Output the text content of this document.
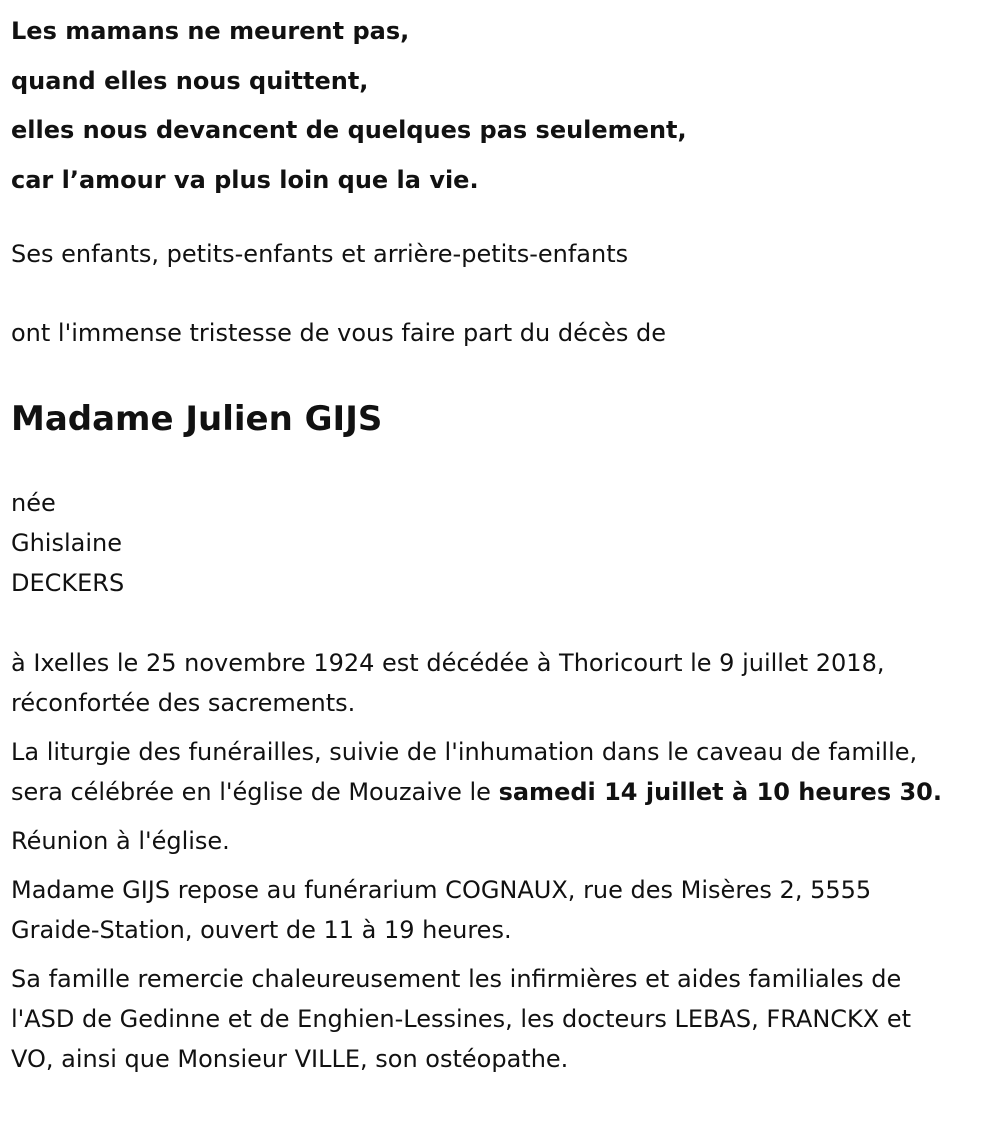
Les mamans ne meurent pas,
quand elles nous quittent,
elles nous devancent de quelques pas seulement,
car l’amour va plus loin que la vie.

Ses enfants, petits-enfants et arrière-petits-enfants

ont l'immense tristesse de vous faire part du décès de

Madame Julien GIJS
née
Ghislaine
DECKERS

à Ixelles le 25 novembre 1924 est décédée à Thoricourt le 9 juillet 2018, réconfortée des sacrements.

La liturgie des funérailles, suivie de l'inhumation dans le caveau de famille, sera célébrée en l'église de Mouzaive le samedi 14 juillet à 10 heures 30.

Réunion à l'église.

Madame GIJS repose au funérarium COGNAUX, rue des Misères 2, 5555 Graide-Station, ouvert de 11 à 19 heures.

Sa famille remercie chaleureusement les infirmières et aides familiales de l'ASD de Gedinne et de Enghien-Lessines, les docteurs LEBAS, FRANCKX et VO, ainsi que Monsieur VILLE, son ostéopathe.
